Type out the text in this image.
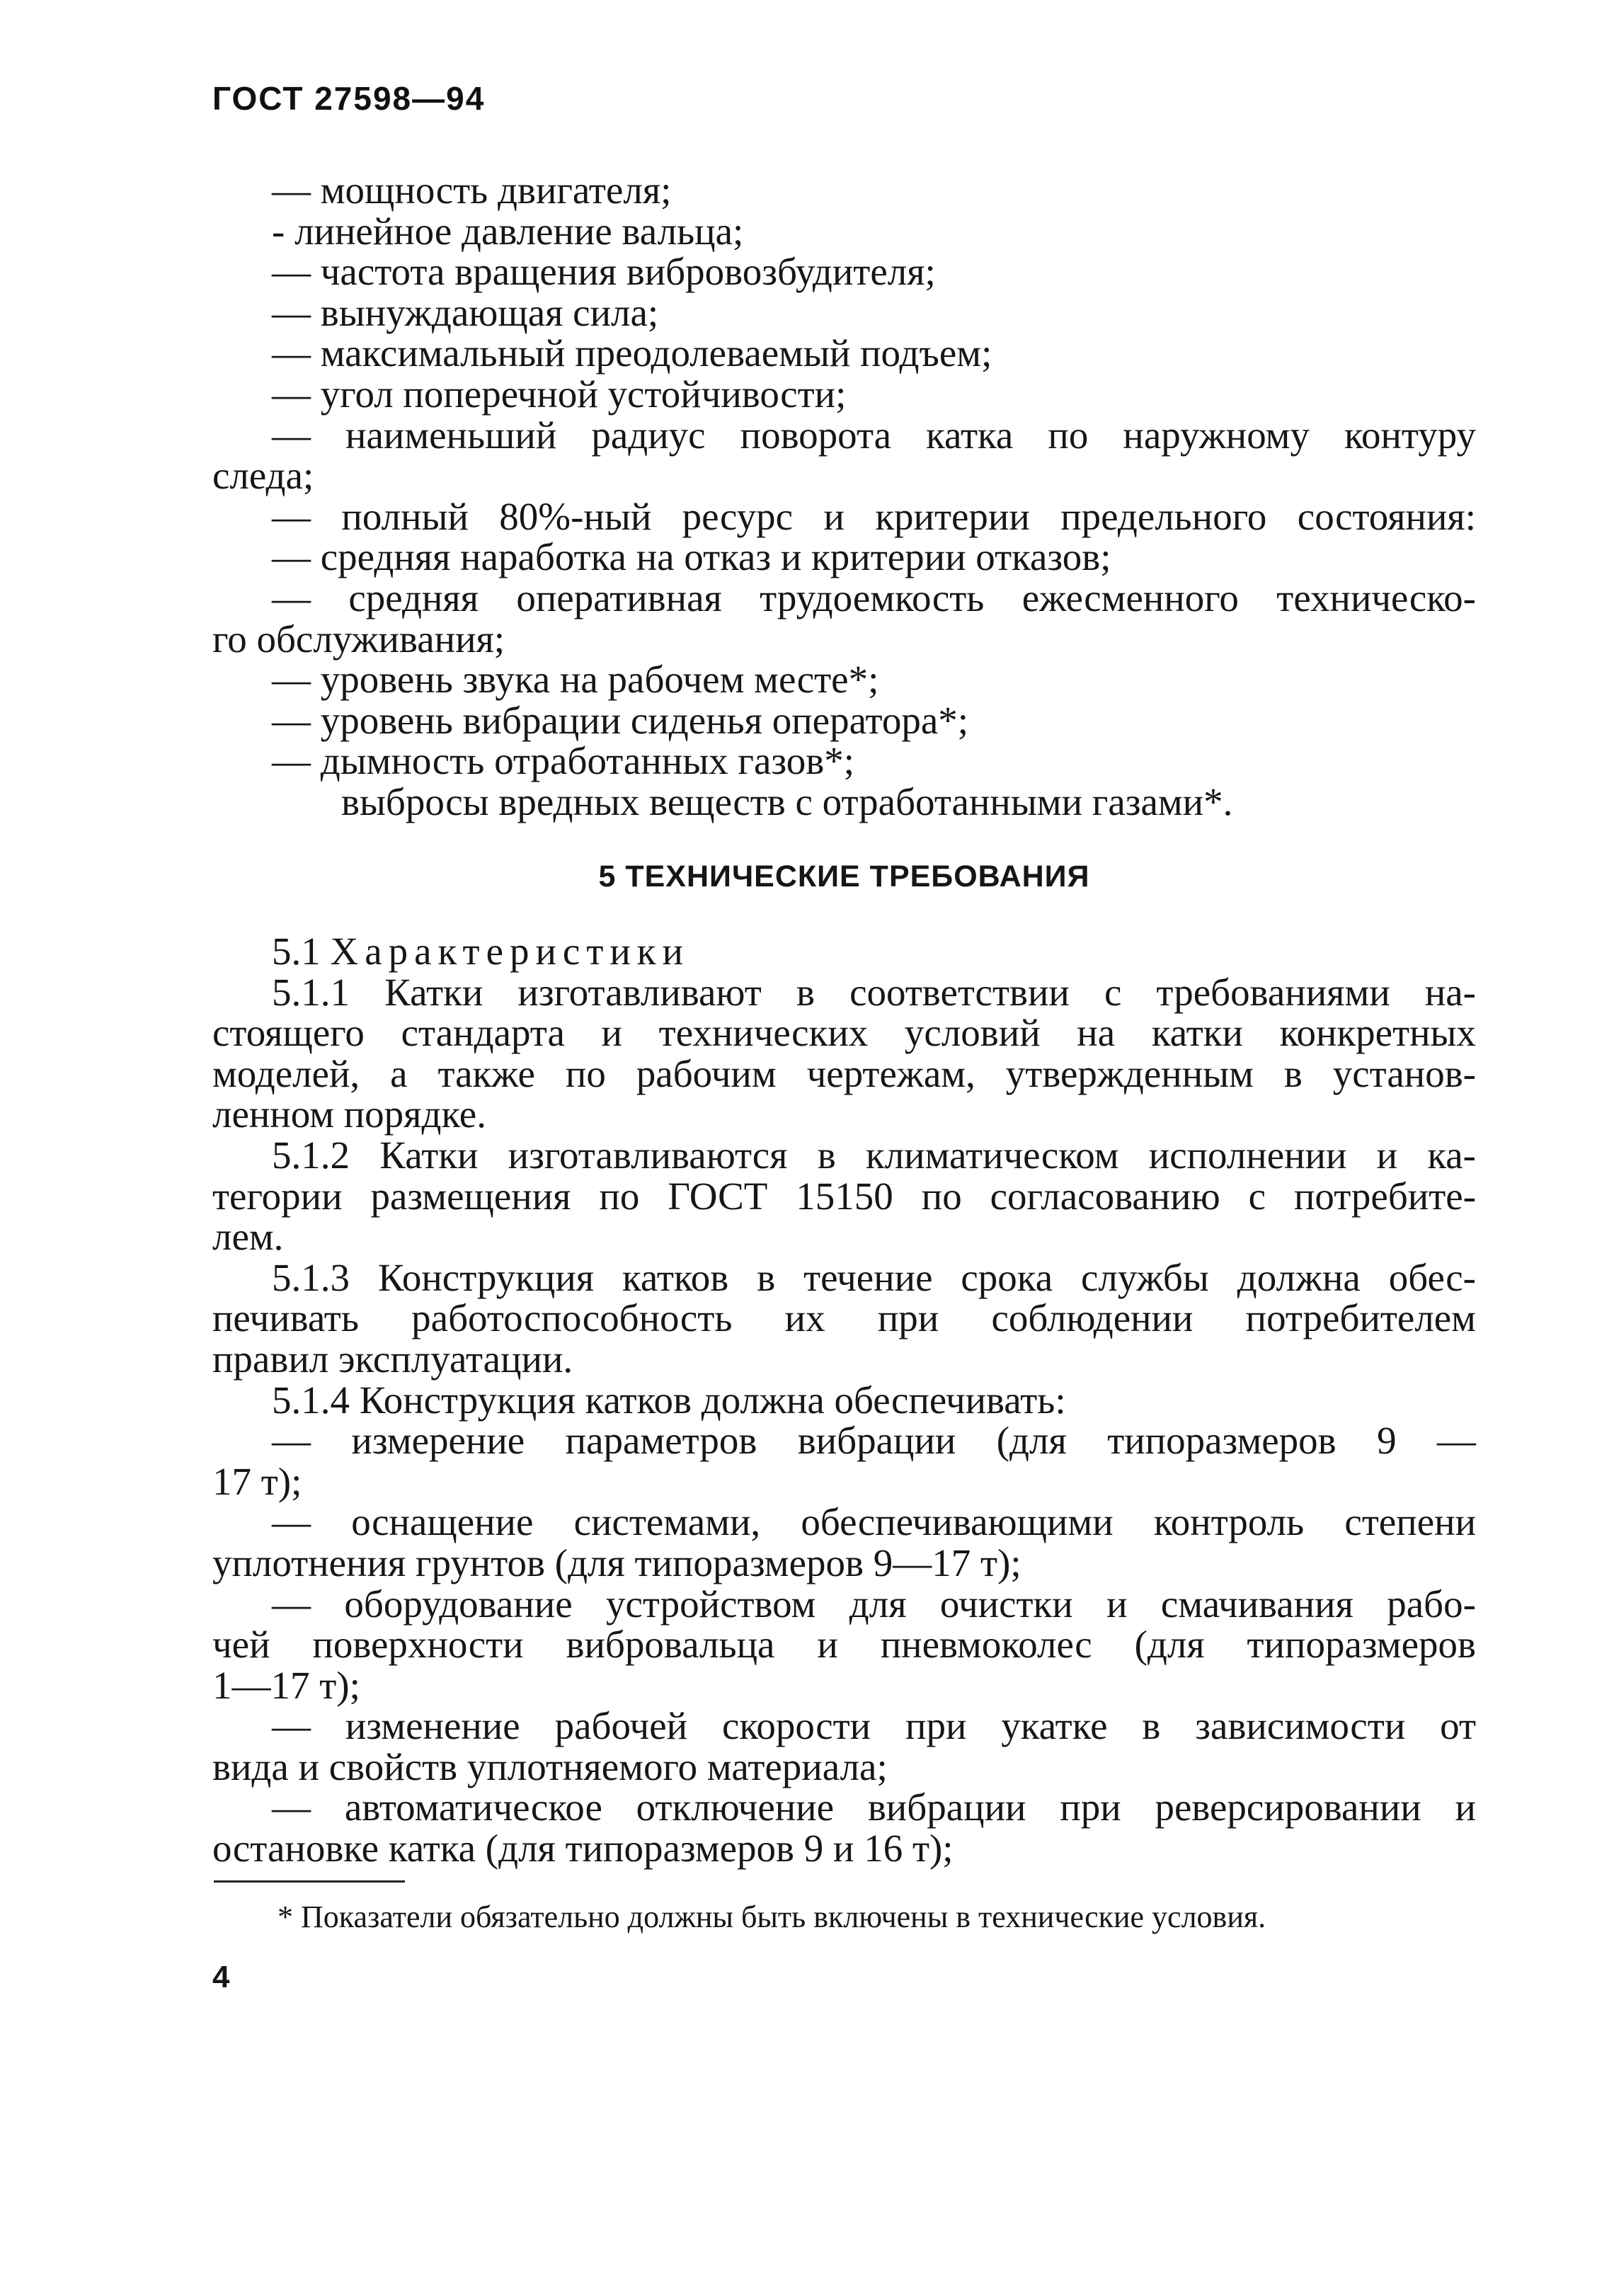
ГОСТ 27598—94
— мощность двигателя;
- линейное давление вальца;
— частота вращения вибровозбудителя;
— вынуждающая сила;
— максимальный преодолеваемый подъем;
— угол поперечной устойчивости;
— наименьший радиус поворота катка по наружному контуру
следа;
— полный 80%-ный ресурс и критерии предельного состояния:
— средняя наработка на отказ и критерии отказов;
— средняя оперативная трудоемкость ежесменного техническо-
го обслуживания;
— уровень звука на рабочем месте*;
— уровень вибрации сиденья оператора*;
— дымность отработанных газов*;
выбросы вредных веществ с отработанными газами*.
5 ТЕХНИЧЕСКИЕ ТРЕБОВАНИЯ
5.1 Характеристики
5.1.1 Катки изготавливают в соответствии с требованиями на-
стоящего стандарта и технических условий на катки конкретных
моделей, а также по рабочим чертежам, утвержденным в установ-
ленном порядке.
5.1.2 Катки изготавливаются в климатическом исполнении и ка-
тегории размещения по ГОСТ 15150 по согласованию с потребите-
лем.
5.1.3 Конструкция катков в течение срока службы должна обес-
печивать работоспособность их при соблюдении потребителем
правил эксплуатации.
5.1.4 Конструкция катков должна обеспечивать:
— измерение параметров вибрации (для типоразмеров 9 —
17 т);
— оснащение системами, обеспечивающими контроль степени
уплотнения грунтов (для типоразмеров 9—17 т);
— оборудование устройством для очистки и смачивания рабо-
чей поверхности вибровальца и пневмоколес (для типоразмеров
1—17 т);
— изменение рабочей скорости при укатке в зависимости от
вида и свойств уплотняемого материала;
— автоматическое отключение вибрации при реверсировании и
остановке катка (для типоразмеров 9 и 16 т);
* Показатели обязательно должны быть включены в технические условия.
4
